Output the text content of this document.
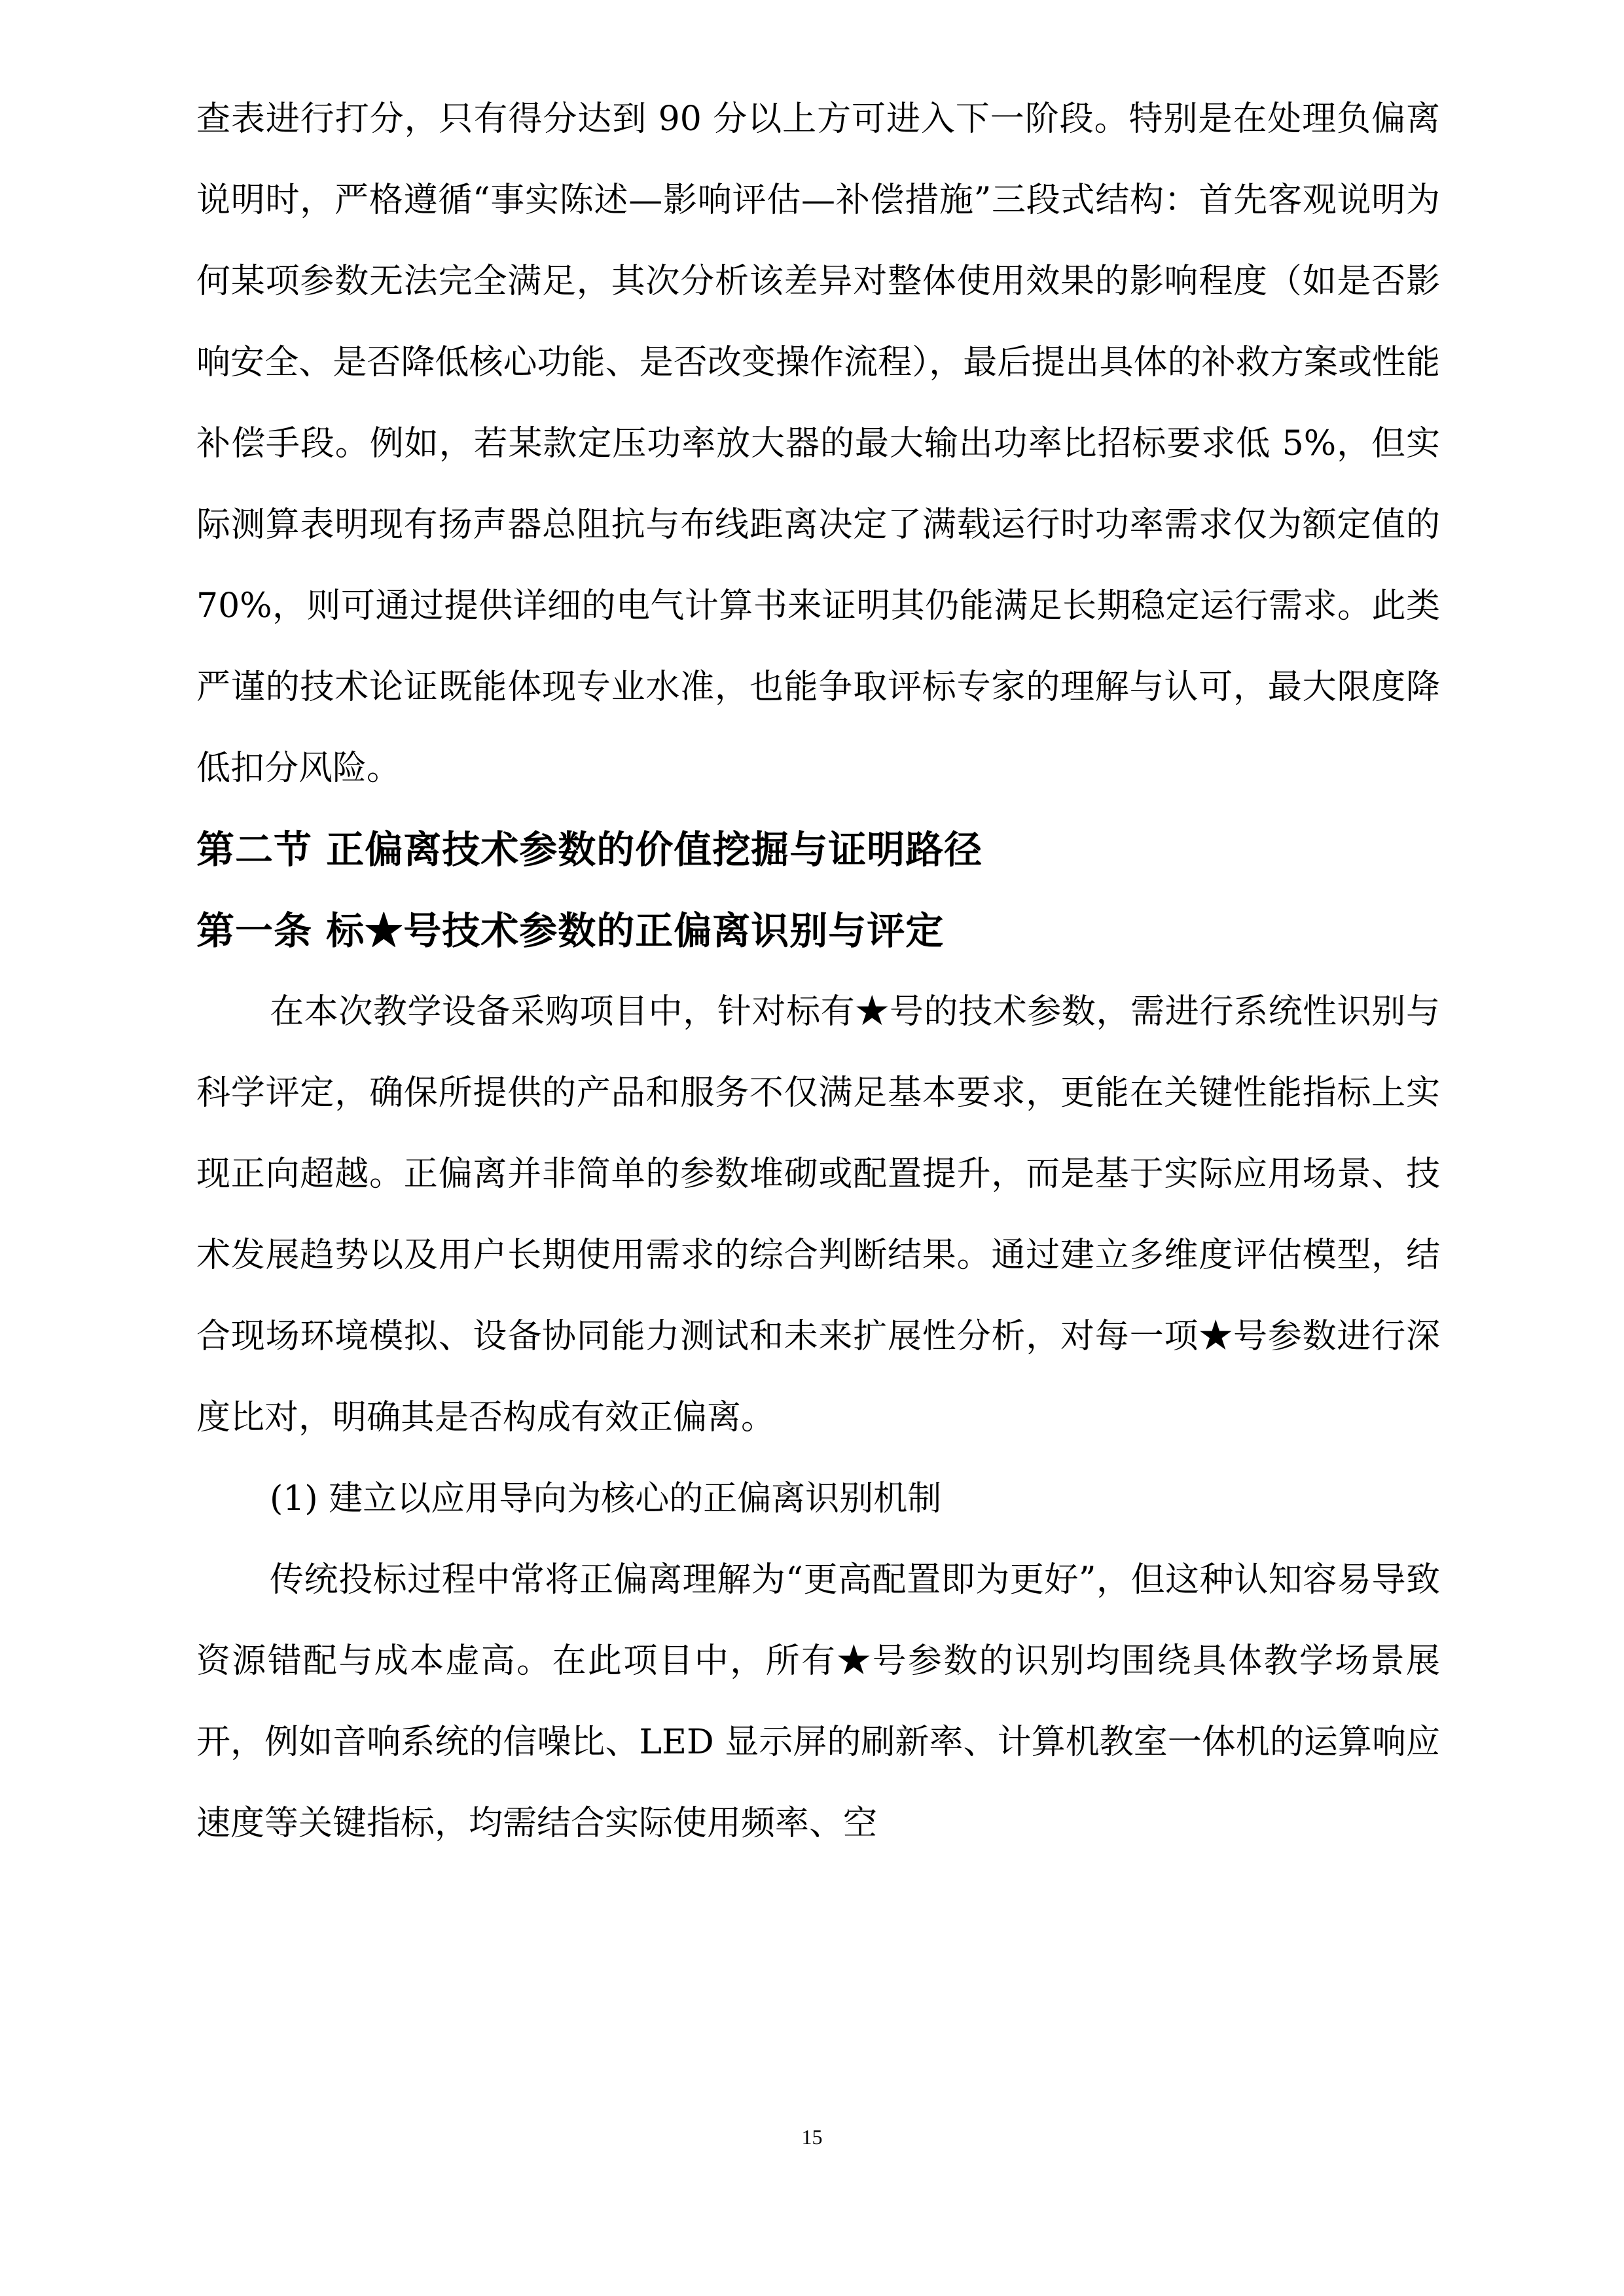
查表进行打分，只有得分达到 90 分以上方可进入下一阶段。特别是在处理负偏离说明时，严格遵循“事实陈述—影响评估—补偿措施”三段式结构：首先客观说明为何某项参数无法完全满足，其次分析该差异对整体使用效果的影响程度（如是否影响安全、是否降低核心功能、是否改变操作流程），最后提出具体的补救方案或性能补偿手段。例如，若某款定压功率放大器的最大输出功率比招标要求低 5%，但实际测算表明现有扬声器总阻抗与布线距离决定了满载运行时功率需求仅为额定值的 70%，则可通过提供详细的电气计算书来证明其仍能满足长期稳定运行需求。此类严谨的技术论证既能体现专业水准，也能争取评标专家的理解与认可，最大限度降低扣分风险。

第二节 正偏离技术参数的价值挖掘与证明路径
第一条 标★号技术参数的正偏离识别与评定

在本次教学设备采购项目中，针对标有★号的技术参数，需进行系统性识别与科学评定，确保所提供的产品和服务不仅满足基本要求，更能在关键性能指标上实现正向超越。正偏离并非简单的参数堆砌或配置提升，而是基于实际应用场景、技术发展趋势以及用户长期使用需求的综合判断结果。通过建立多维度评估模型，结合现场环境模拟、设备协同能力测试和未来扩展性分析，对每一项★号参数进行深度比对，明确其是否构成有效正偏离。

(1) 建立以应用导向为核心的正偏离识别机制

传统投标过程中常将正偏离理解为“更高配置即为更好”，但这种认知容易导致资源错配与成本虚高。在此项目中，所有★号参数的识别均围绕具体教学场景展开，例如音响系统的信噪比、LED 显示屏的刷新率、计算机教室一体机的运算响应速度等关键指标，均需结合实际使用频率、空

15
